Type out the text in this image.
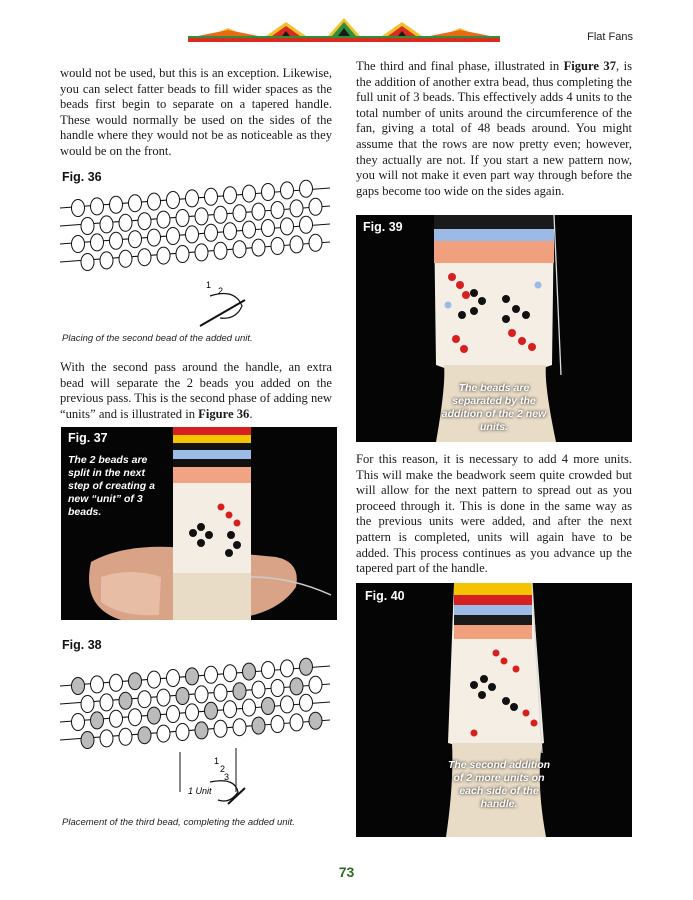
Flat Fans
would not be used, but this is an exception. Likewise, you can select fatter beads to fill wider spaces as the beads first begin to separate on a tapered handle. These would normally be used on the sides of the handle where they would not be as noticeable as they would be on the front.
Fig. 36
1
2
Placing of the second bead of the added unit.
With the second pass around the handle, an extra bead will separate the 2 beads you added on the previous pass. This is the second phase of adding new “units” and is illustrated in Figure 36.
Fig. 37
The 2 beads are split in the next step of creating a new “unit” of 3 beads.
Fig. 38
1 Unit
1
2
3
Placement of the third bead, completing the added unit.
The third and final phase, illustrated in Figure 37, is the addition of another extra bead, thus completing the full unit of 3 beads. This effectively adds 4 units to the total number of units around the circumference of the fan, giving a total of 48 beads around. You might assume that the rows are now pretty even; however, they actually are not. If you start a new pattern now, you will not make it even part way through before the gaps become too wide on the sides again.
Fig. 39
The beads are separated by the addition of the 2 new units.
For this reason, it is necessary to add 4 more units. This will make the beadwork seem quite crowded but will allow for the next pattern to spread out as you proceed through it. This is done in the same way as the previous units were added, and after the next pattern is completed, units will again have to be added. This process continues as you advance up the tapered part of the handle.
Fig. 40
The second addition of 2 more units on each side of the handle.
73
